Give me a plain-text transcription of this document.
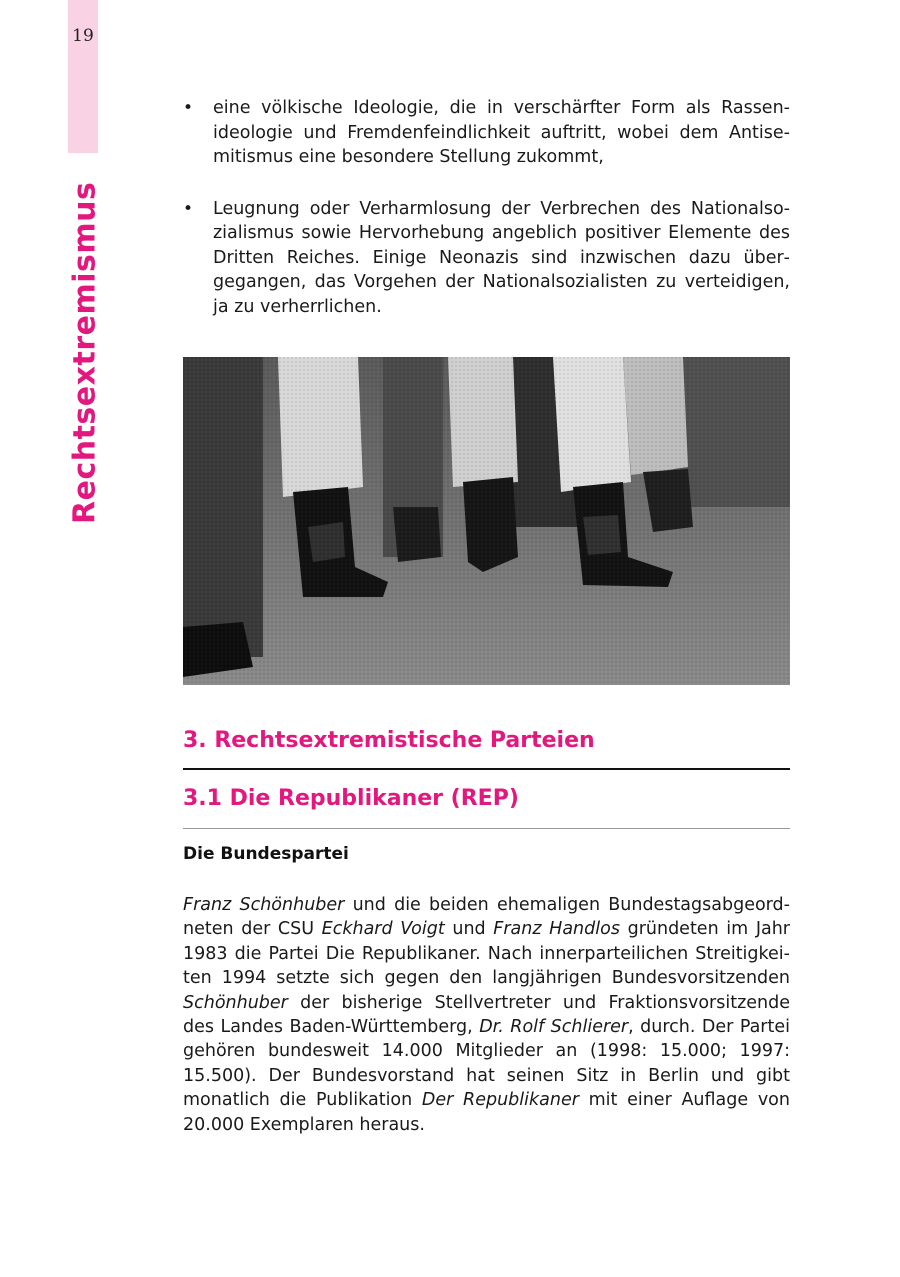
19
Rechtsextremismus
• eine völkische Ideologie, die in verschärfter Form als Rassenideologie und Fremdenfeindlichkeit auftritt, wobei dem Antisemitismus eine besondere Stellung zukommt,
• Leugnung oder Verharmlosung der Verbrechen des Nationalsozialismus sowie Hervorhebung angeblich positiver Elemente des Dritten Reiches. Einige Neonazis sind inzwischen dazu übergegangen, das Vorgehen der Nationalsozialisten zu verteidigen, ja zu verherrlichen.
3. Rechtsextremistische Parteien
3.1 Die Republikaner (REP)
Die Bundespartei

Franz Schönhuber und die beiden ehemaligen Bundestagsabgeordneten der CSU Eckhard Voigt und Franz Handlos gründeten im Jahr 1983 die Partei Die Republikaner. Nach innerparteilichen Streitigkeiten 1994 setzte sich gegen den langjährigen Bundesvorsitzenden Schönhuber der bisherige Stellvertreter und Fraktionsvorsitzende des Landes Baden-Württemberg, Dr. Rolf Schlierer, durch. Der Partei gehören bundesweit 14.000 Mitglieder an (1998: 15.000; 1997: 15.500). Der Bundesvorstand hat seinen Sitz in Berlin und gibt monatlich die Publikation Der Republikaner mit einer Auflage von 20.000 Exemplaren heraus.
